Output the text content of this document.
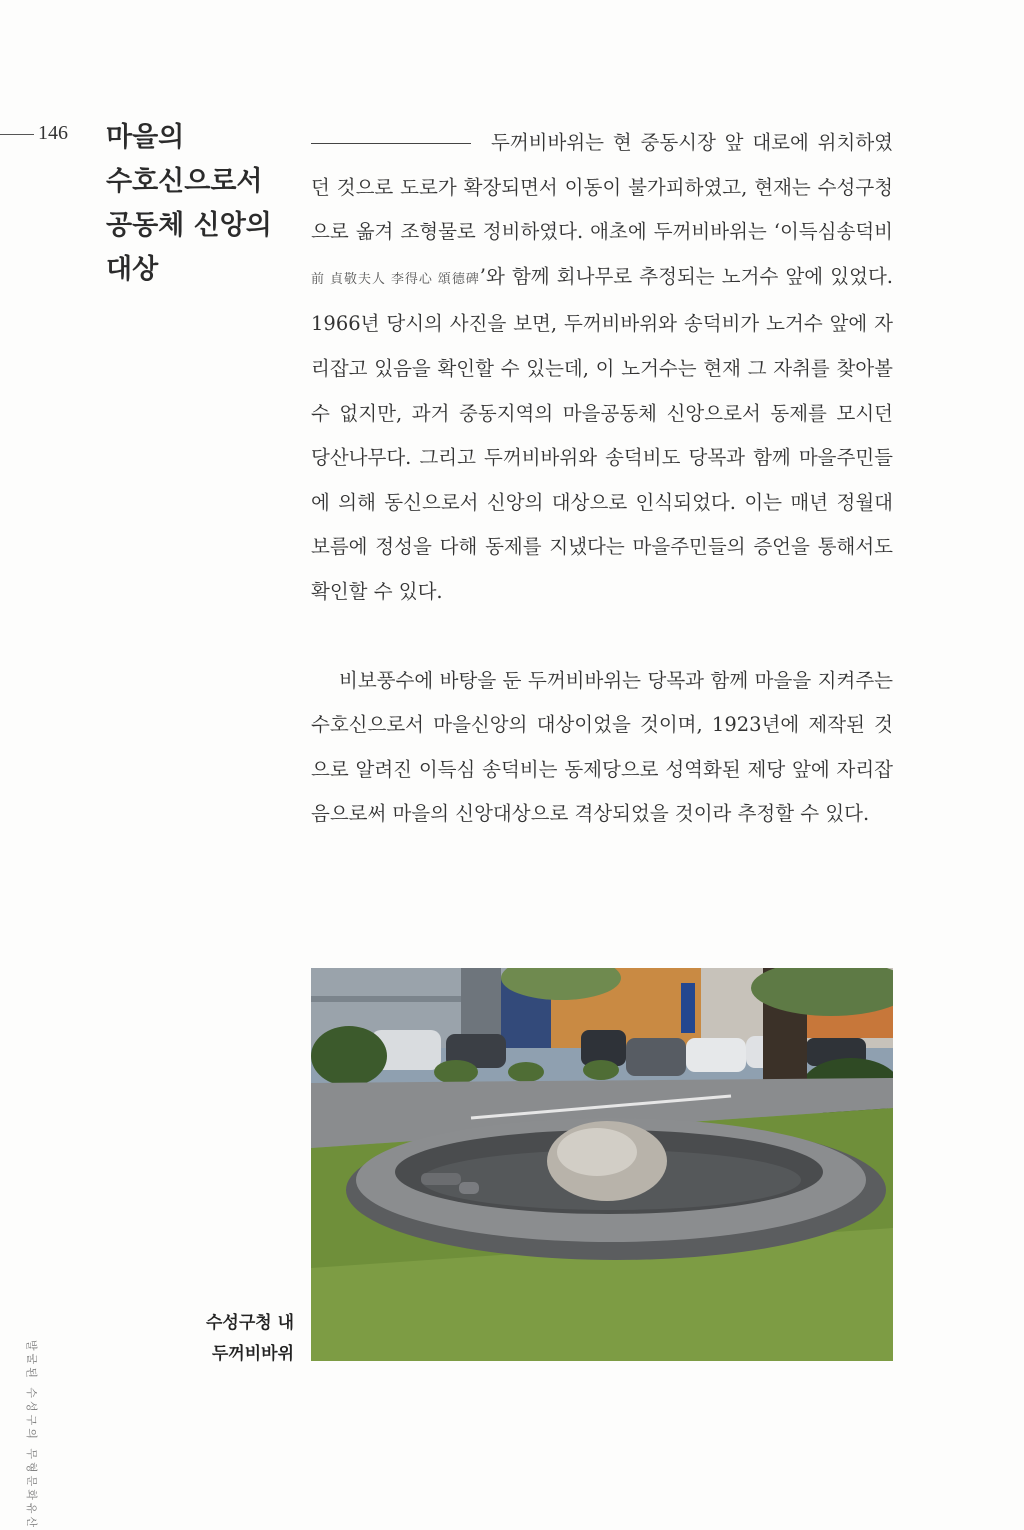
146 마을의
수호신으로서
공동체 신앙의
대상

두꺼비바위는 현 중동시장 앞 대로에 위치하였던 것으로 도로가 확장되면서 이동이 불가피하였고, 현재는 수성구청으로 옮겨 조형물로 정비하였다. 애초에 두꺼비바위는 ‘이득심송덕비前 貞敬夫人 李得心 頌德碑’와 함께 회나무로 추정되는 노거수 앞에 있었다. 1966년 당시의 사진을 보면, 두꺼비바위와 송덕비가 노거수 앞에 자리잡고 있음을 확인할 수 있는데, 이 노거수는 현재 그 자취를 찾아볼 수 없지만, 과거 중동지역의 마을공동체 신앙으로서 동제를 모시던 당산나무다. 그리고 두꺼비바위와 송덕비도 당목과 함께 마을주민들에 의해 동신으로서 신앙의 대상으로 인식되었다. 이는 매년 정월대보름에 정성을 다해 동제를 지냈다는 마을주민들의 증언을 통해서도 확인할 수 있다.

비보풍수에 바탕을 둔 두꺼비바위는 당목과 함께 마을을 지켜주는 수호신으로서 마을신앙의 대상이었을 것이며, 1923년에 제작된 것으로 알려진 이득심 송덕비는 동제당으로 성역화된 제당 앞에 자리잡음으로써 마을의 신앙대상으로 격상되었을 것이라 추정할 수 있다.

수성구청 내
두꺼비바위
발굴된 수성구의 무형문화유산
